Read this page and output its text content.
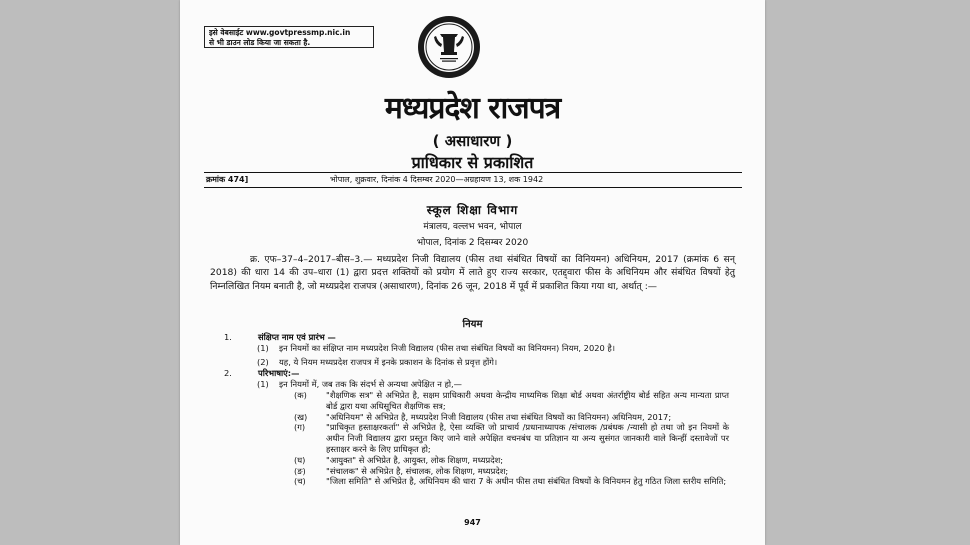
इसे वेबसाईट www.govtpressmp.nic.in
से भी डाउन लोड किया जा सकता है.
मध्यप्रदेश राजपत्र
( असाधारण )
प्राधिकार से प्रकाशित
क्रमांक 474]	भोपाल, शुक्रवार, दिनांक 4 दिसम्बर 2020—अग्रहायण 13, शक 1942
स्कूल शिक्षा विभाग
मंत्रालय, वल्लभ भवन, भोपाल
भोपाल, दिनांक 2 दिसम्बर 2020

क्र. एफ–37–4–2017–बीस–3.— मध्यप्रदेश निजी विद्यालय (फीस तथा संबंधित विषयों का विनियमन) अधिनियम, 2017 (क्रमांक 6 सन् 2018) की धारा 14 की उप–धारा (1) द्वारा प्रदत्त शक्तियों को प्रयोग में लाते हुए राज्य सरकार, एतद्द्वारा फीस के अधिनियम और संबंधित विषयों हेतु निम्नलिखित नियम बनाती है, जो मध्यप्रदेश राजपत्र (असाधारण), दिनांक 26 जून, 2018 में पूर्व में प्रकाशित किया गया था, अर्थात् :—

नियम
1.	संक्षिप्त नाम एवं प्रारंभ —
(1) इन नियमों का संक्षिप्त नाम मध्यप्रदेश निजी विद्यालय (फीस तथा संबंधित विषयों का विनियमन) नियम, 2020 है।
(2) यह, ये नियम मध्यप्रदेश राजपत्र में इनके प्रकाशन के दिनांक से प्रवृत्त होंगे।
2.	परिभाषाएं:—
(1) इन नियमों में, जब तक कि संदर्भ से अन्यथा अपेक्षित न हो,—
(क) "शैक्षणिक सत्र" से अभिप्रेत है, सक्षम प्राधिकारी अथवा केन्द्रीय माध्यमिक शिक्षा बोर्ड अथवा अंतर्राष्ट्रीय बोर्ड सहित अन्य मान्यता प्राप्त बोर्ड द्वारा यथा अधिसूचित शैक्षणिक सत्र;
(ख) "अधिनियम" से अभिप्रेत है, मध्यप्रदेश निजी विद्यालय (फीस तथा संबंधित विषयों का विनियमन) अधिनियम, 2017;
(ग)	"प्राधिकृत हस्ताक्षरकर्ता" से अभिप्रेत है, ऐसा व्यक्ति जो प्राचार्य /प्रधानाध्यापक /संचालक /प्रबंधक /न्यासी हो तथा जो इन नियमों के अधीन निजी विद्यालय द्वारा प्रस्तुत किए जाने वाले अपेक्षित वचनबंध या प्रतिज्ञान या अन्य सुसंगत जानकारी वाले किन्हीं दस्तावेजों पर हस्ताक्षर करने के लिए प्राधिकृत हो;
(घ) "आयुक्त" से अभिप्रेत है, आयुक्त, लोक शिक्षण, मध्यप्रदेश;
(ङ) "संचालक" से अभिप्रेत है, संचालक, लोक शिक्षण, मध्यप्रदेश;
(च) "जिला समिति" से अभिप्रेत है, अधिनियम की धारा 7 के अधीन फीस तथा संबंधित विषयों के विनियमन हेतु गठित जिला स्तरीय समिति;
947
